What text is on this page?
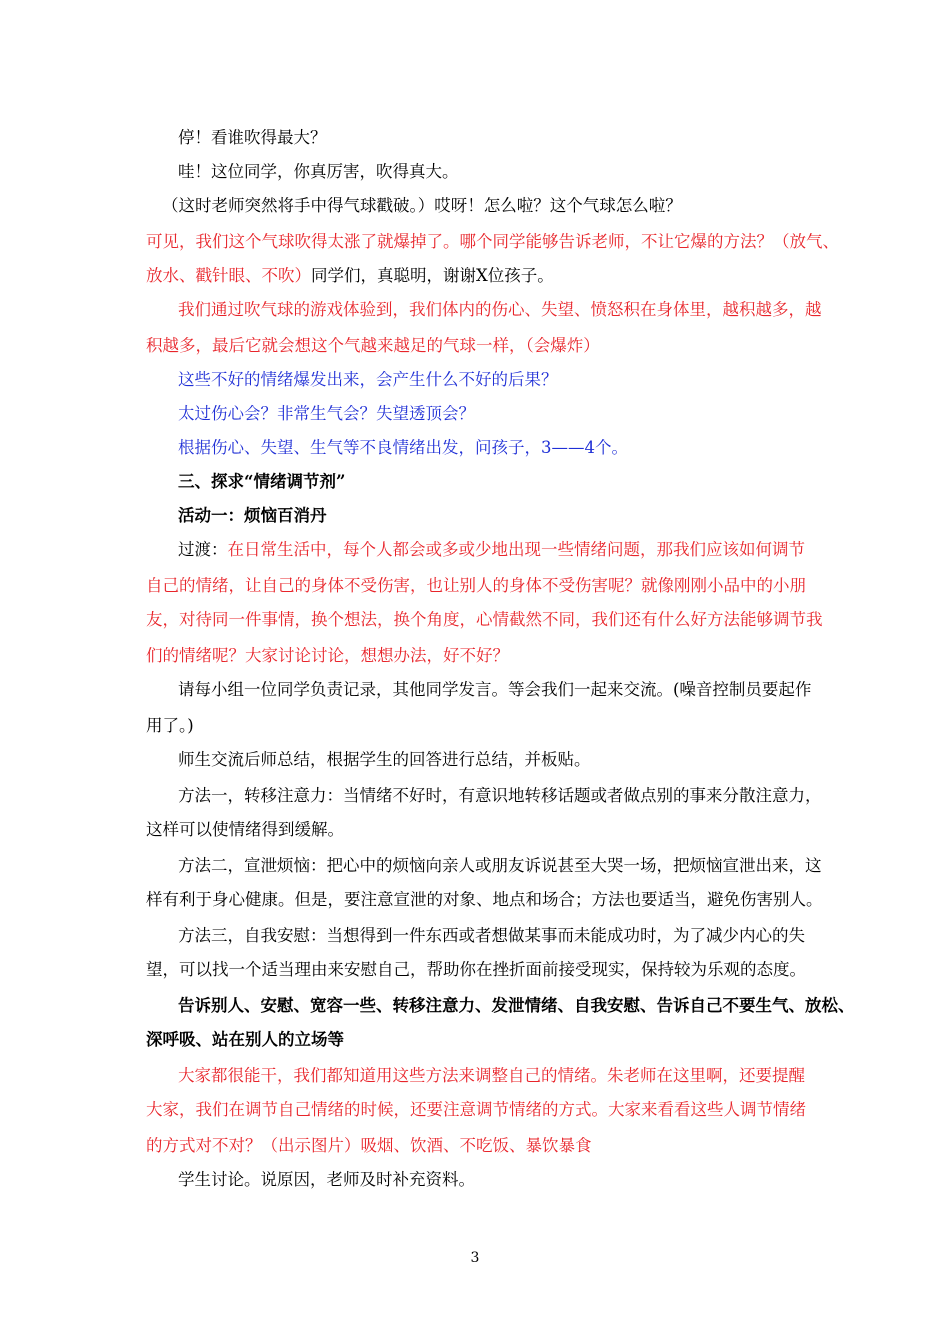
停！看谁吹得最大？
哇！这位同学，你真厉害，吹得真大。
（这时老师突然将手中得气球戳破。）哎呀！怎么啦？这个气球怎么啦？
可见，我们这个气球吹得太涨了就爆掉了。哪个同学能够告诉老师，不让它爆的方法？（放气、
放水、戳针眼、不吹）同学们，真聪明，谢谢X位孩子。
我们通过吹气球的游戏体验到，我们体内的伤心、失望、愤怒积在身体里，越积越多，越
积越多，最后它就会想这个气越来越足的气球一样，（会爆炸）
这些不好的情绪爆发出来，会产生什么不好的后果？
太过伤心会？非常生气会？失望透顶会？
根据伤心、失望、生气等不良情绪出发，问孩子，3——4个。
三、探求“情绪调节剂”
活动一：烦恼百消丹
过渡：在日常生活中，每个人都会或多或少地出现一些情绪问题，那我们应该如何调节
自己的情绪，让自己的身体不受伤害，也让别人的身体不受伤害呢？就像刚刚小品中的小朋
友，对待同一件事情，换个想法，换个角度，心情截然不同，我们还有什么好方法能够调节我
们的情绪呢？大家讨论讨论，想想办法，好不好？
请每小组一位同学负责记录，其他同学发言。等会我们一起来交流。(噪音控制员要起作
用了。)
师生交流后师总结，根据学生的回答进行总结，并板贴。
方法一，转移注意力：当情绪不好时，有意识地转移话题或者做点别的事来分散注意力，
这样可以使情绪得到缓解。
方法二，宣泄烦恼：把心中的烦恼向亲人或朋友诉说甚至大哭一场，把烦恼宣泄出来，这
样有利于身心健康。但是，要注意宣泄的对象、地点和场合；方法也要适当，避免伤害别人。
方法三，自我安慰：当想得到一件东西或者想做某事而未能成功时，为了减少内心的失
望，可以找一个适当理由来安慰自己，帮助你在挫折面前接受现实，保持较为乐观的态度。
告诉别人、安慰、宽容一些、转移注意力、发泄情绪、自我安慰、告诉自己不要生气、放松、
深呼吸、站在别人的立场等
大家都很能干，我们都知道用这些方法来调整自己的情绪。朱老师在这里啊，还要提醒
大家，我们在调节自己情绪的时候，还要注意调节情绪的方式。大家来看看这些人调节情绪
的方式对不对？（出示图片）吸烟、饮酒、不吃饭、暴饮暴食
学生讨论。说原因，老师及时补充资料。
3
